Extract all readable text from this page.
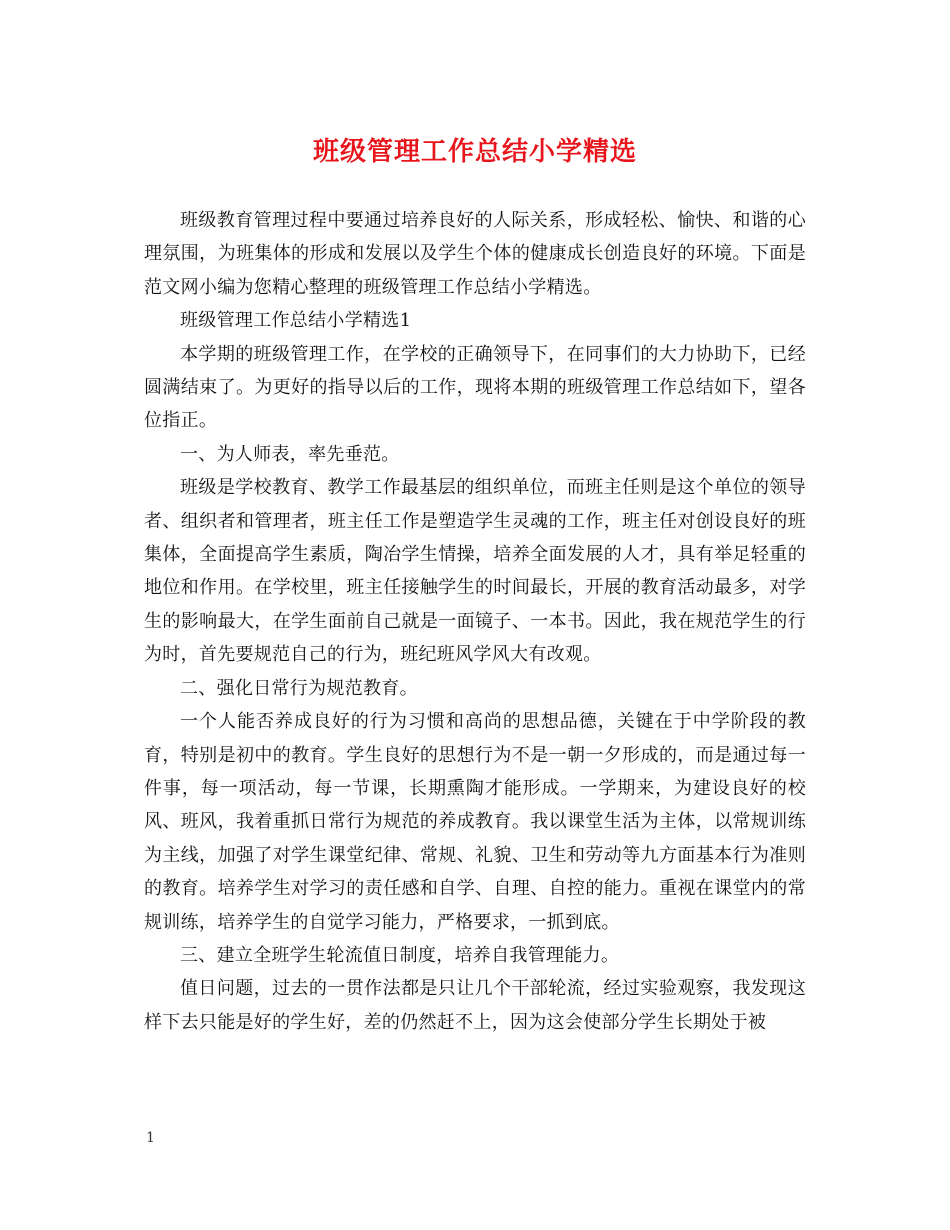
班级管理工作总结小学精选

班级教育管理过程中要通过培养良好的人际关系，形成轻松、愉快、和谐的心理氛围，为班集体的形成和发展以及学生个体的健康成长创造良好的环境。下面是范文网小编为您精心整理的班级管理工作总结小学精选。

班级管理工作总结小学精选1

本学期的班级管理工作，在学校的正确领导下，在同事们的大力协助下，已经圆满结束了。为更好的指导以后的工作，现将本期的班级管理工作总结如下，望各位指正。

一、为人师表，率先垂范。

班级是学校教育、教学工作最基层的组织单位，而班主任则是这个单位的领导者、组织者和管理者，班主任工作是塑造学生灵魂的工作，班主任对创设良好的班集体，全面提高学生素质，陶冶学生情操，培养全面发展的人才，具有举足轻重的地位和作用。在学校里，班主任接触学生的时间最长，开展的教育活动最多，对学生的影响最大，在学生面前自己就是一面镜子、一本书。因此，我在规范学生的行为时，首先要规范自己的行为，班纪班风学风大有改观。

二、强化日常行为规范教育。

一个人能否养成良好的行为习惯和高尚的思想品德，关键在于中学阶段的教育，特别是初中的教育。学生良好的思想行为不是一朝一夕形成的，而是通过每一件事，每一项活动，每一节课，长期熏陶才能形成。一学期来，为建设良好的校风、班风，我着重抓日常行为规范的养成教育。我以课堂生活为主体，以常规训练为主线，加强了对学生课堂纪律、常规、礼貌、卫生和劳动等九方面基本行为准则的教育。培养学生对学习的责任感和自学、自理、自控的能力。重视在课堂内的常规训练，培养学生的自觉学习能力，严格要求，一抓到底。

三、建立全班学生轮流值日制度，培养自我管理能力。

值日问题，过去的一贯作法都是只让几个干部轮流，经过实验观察，我发现这样下去只能是好的学生好，差的仍然赶不上，因为这会使部分学生长期处于被

1
